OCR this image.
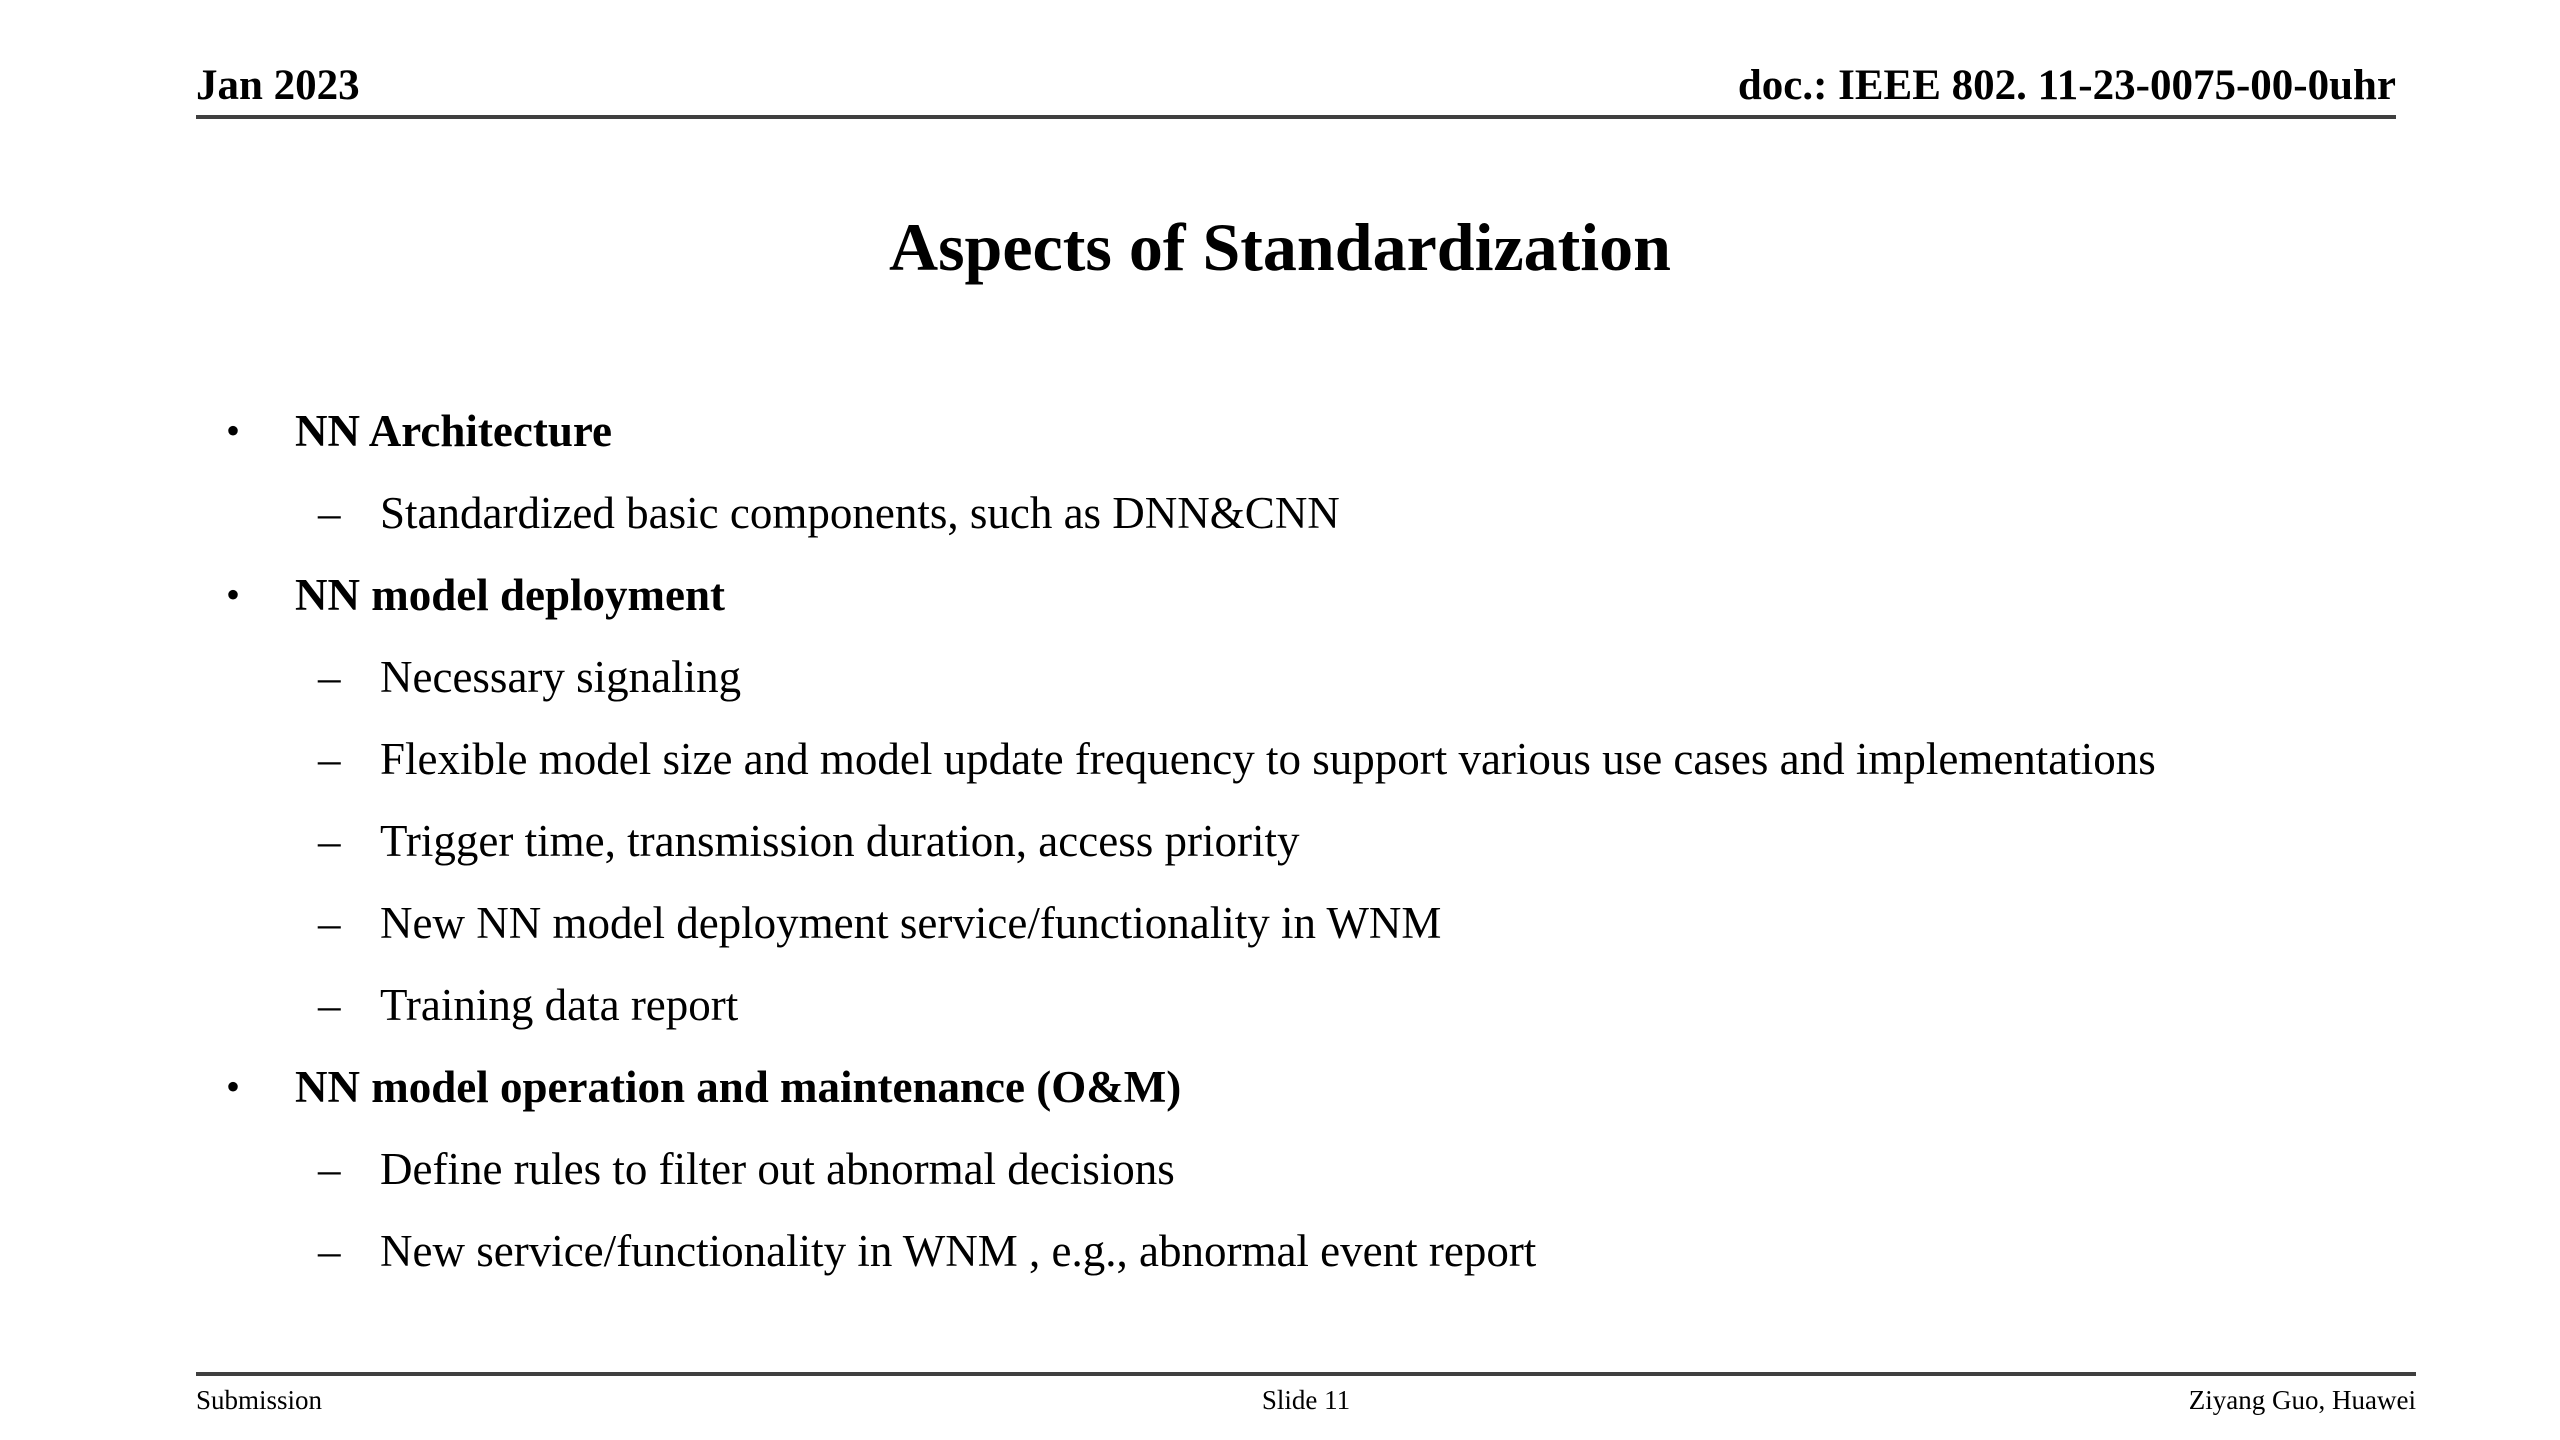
Jan 2023	doc.: IEEE 802. 11-23-0075-00-0uhr
Aspects of Standardization
•	NN Architecture
– Standardized basic components, such as DNN&CNN
•	NN model deployment
– Necessary signaling
– Flexible model size and model update frequency to support various use cases and implementations
– Trigger time, transmission duration, access priority
– New NN model deployment service/functionality in WNM
– Training data report
•	NN model operation and maintenance (O&M)
– Define rules to filter out abnormal decisions
– New service/functionality in WNM , e.g., abnormal event report
Submission	Slide 11	Ziyang Guo, Huawei
